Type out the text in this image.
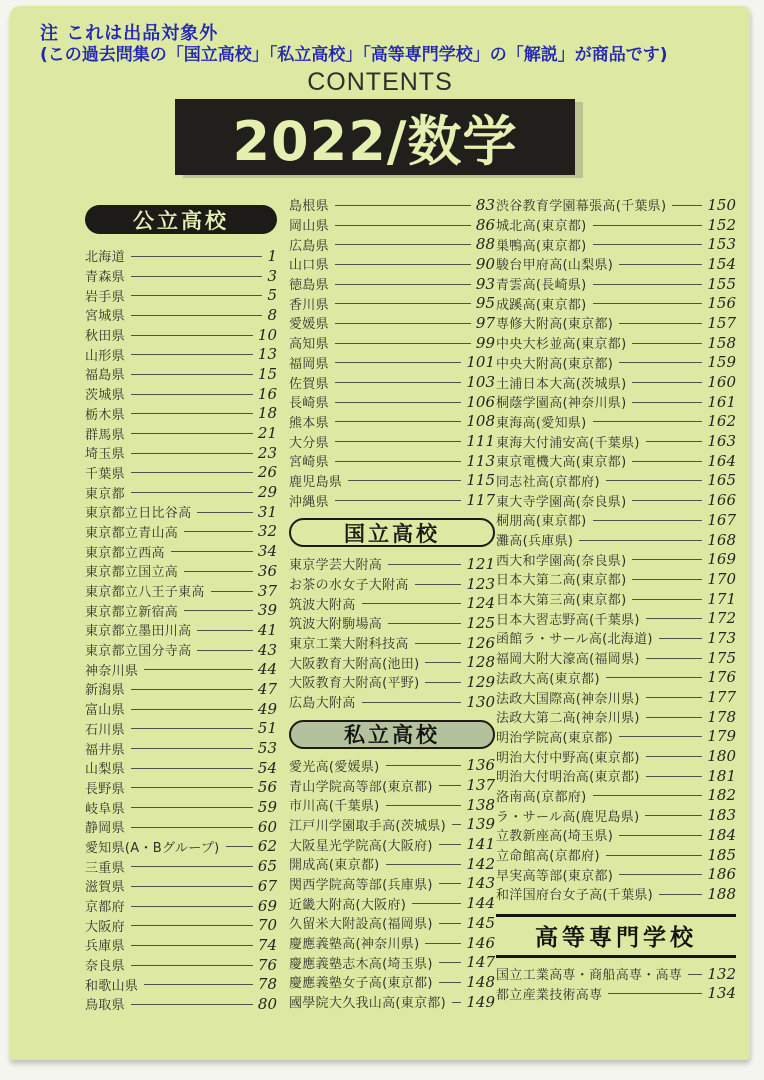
注 これは出品対象外
(この過去問集の「国立高校」「私立高校」「高等専門学校」の「解説」が商品です)
CONTENTS
2022/数学
公立高校
北海道	1
青森県	3
岩手県	5
宮城県	8
秋田県	10
山形県	13
福島県	15
茨城県	16
栃木県	18
群馬県	21
埼玉県	23
千葉県	26
東京都	29
東京都立日比谷高	31
東京都立青山高	32
東京都立西高	34
東京都立国立高	36
東京都立八王子東高	37
東京都立新宿高	39
東京都立墨田川高	41
東京都立国分寺高	43
神奈川県	44
新潟県	47
富山県	49
石川県	51
福井県	53
山梨県	54
長野県	56
岐阜県	59
静岡県	60
愛知県(A・Bグループ)	62
三重県	65
滋賀県	67
京都府	69
大阪府	70
兵庫県	74
奈良県	76
和歌山県	78
鳥取県	80
島根県	83
岡山県	86
広島県	88
山口県	90
徳島県	93
香川県	95
愛媛県	97
高知県	99
福岡県	101
佐賀県	103
長崎県	106
熊本県	108
大分県	111
宮崎県	113
鹿児島県	115
沖縄県	117
国立高校
東京学芸大附高	121
お茶の水女子大附高	123
筑波大附高	124
筑波大附駒場高	125
東京工業大附科技高	126
大阪教育大附高(池田)	128
大阪教育大附高(平野)	129
広島大附高	130
私立高校
愛光高(愛媛県)	136
青山学院高等部(東京都) 137
市川高(千葉県)	138
江戸川学園取手高(茨城県) 139
大阪星光学院高(大阪府) 141
開成高(東京都)	142
関西学院高等部(兵庫県) 143
近畿大附高(大阪府)	144
久留米大附設高(福岡県) 145
慶應義塾高(神奈川県)	146
慶應義塾志木高(埼玉県) 147
慶應義塾女子高(東京都) 148
國學院大久我山高(東京都) 149
渋谷教育学園幕張高(千葉県)	150
城北高(東京都)	152
巣鴨高(東京都)	153
駿台甲府高(山梨県)	154
青雲高(長崎県)	155
成蹊高(東京都)	156
専修大附高(東京都)	157
中央大杉並高(東京都)	158
中央大附高(東京都)	159
土浦日本大高(茨城県)	160
桐蔭学園高(神奈川県)	161
東海高(愛知県)	162
東海大付浦安高(千葉県)	163
東京電機大高(東京都)	164
同志社高(京都府)	165
東大寺学園高(奈良県)	166
桐朋高(東京都)	167
灘高(兵庫県)	168
西大和学園高(奈良県)	169
日本大第二高(東京都)	170
日本大第三高(東京都)	171
日本大習志野高(千葉県)	172
函館ラ・サール高(北海道)	173
福岡大附大濠高(福岡県)	175
法政大高(東京都)	176
法政大国際高(神奈川県)	177
法政大第二高(神奈川県)	178
明治学院高(東京都)	179
明治大付中野高(東京都)	180
明治大付明治高(東京都)	181
洛南高(京都府)	182
ラ・サール高(鹿児島県)	183
立教新座高(埼玉県)	184
立命館高(京都府)	185
早実高等部(東京都)	186
和洋国府台女子高(千葉県)	188
高等専門学校
国立工業高専・商船高専・高専 132
都立産業技術高専	134
